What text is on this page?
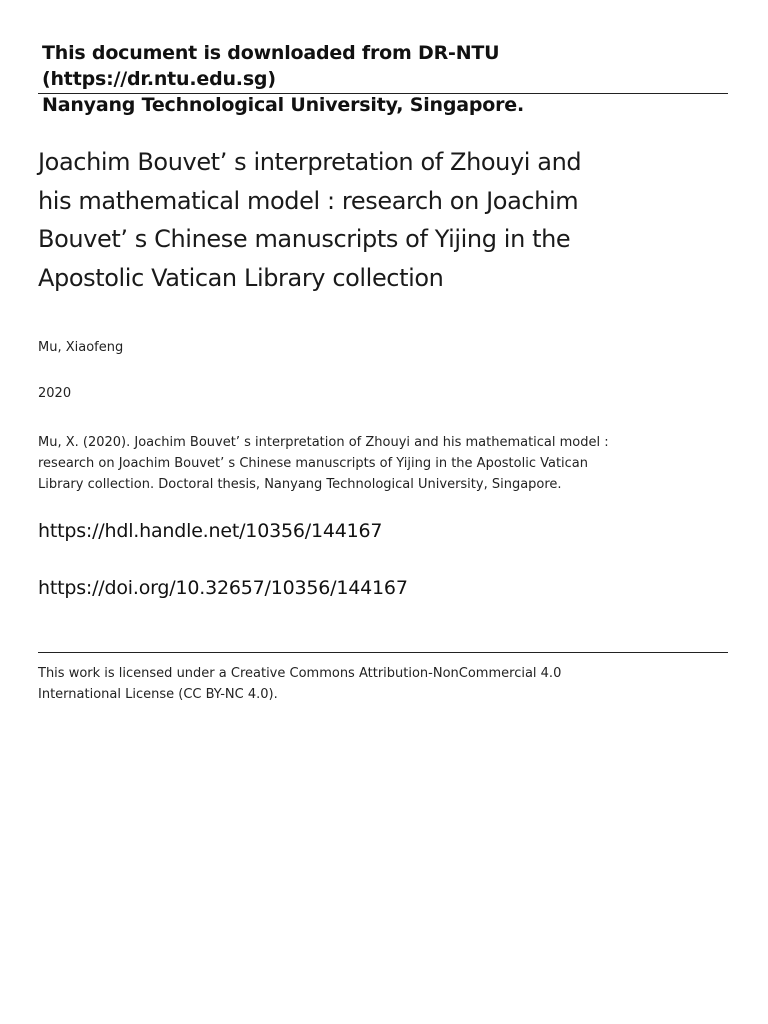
This document is downloaded from DR-NTU (https://dr.ntu.edu.sg)
Nanyang Technological University, Singapore.
Joachim Bouvet’ s interpretation of Zhouyi and
his mathematical model : research on Joachim
Bouvet’ s Chinese manuscripts of Yijing in the
Apostolic Vatican Library collection
Mu, Xiaofeng
2020
Mu, X. (2020). Joachim Bouvet’ s interpretation of Zhouyi and his mathematical model :
research on Joachim Bouvet’ s Chinese manuscripts of Yijing in the Apostolic Vatican
Library collection. Doctoral thesis, Nanyang Technological University, Singapore.
https://hdl.handle.net/10356/144167
https://doi.org/10.32657/10356/144167
This work is licensed under a Creative Commons Attribution-NonCommercial 4.0
International License (CC BY-NC 4.0).
